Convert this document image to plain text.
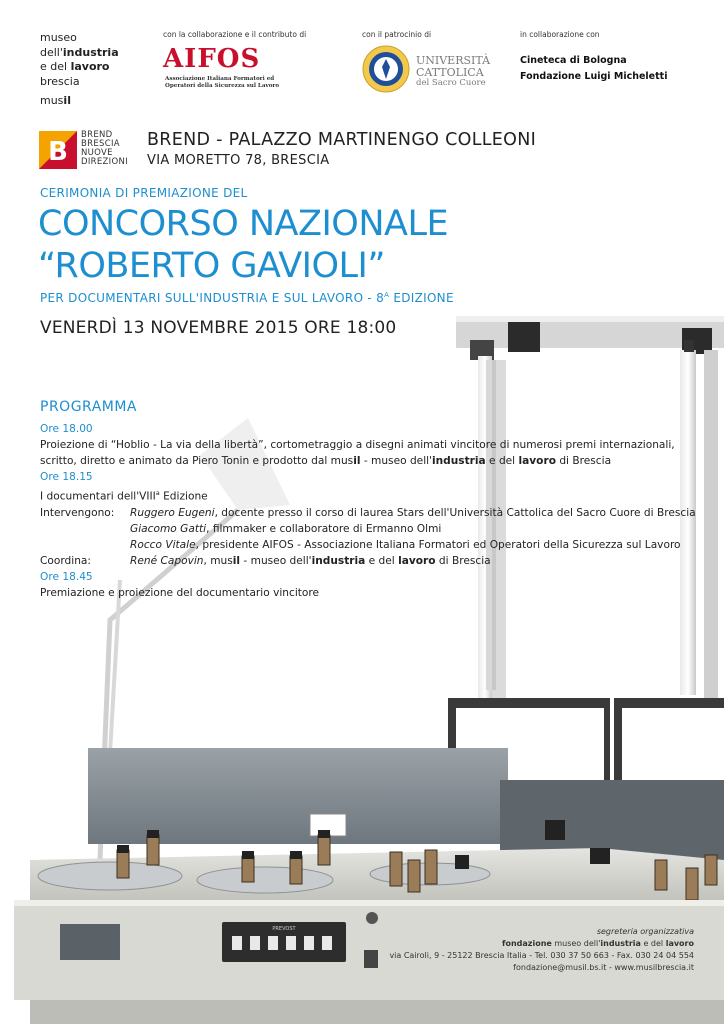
PREVOST
museo
dell'industria
e del lavoro
brescia
musil
con la collaborazione e il contributo di
AIFOS
Associazione Italiana Formatori ed
Operatori della Sicurezza sul Lavoro
con il patrocinio di
UNIVERSITÀ
CATTOLICA
del Sacro Cuore
in collaborazione con
Cineteca di Bologna
Fondazione Luigi Micheletti
B
BREND
BRESCIA
NUOVE
DIREZIONI
BREND - PALAZZO MARTINENGO COLLEONI
VIA MORETTO 78, BRESCIA
CERIMONIA DI PREMIAZIONE DEL
CONCORSO NAZIONALE
“ROBERTO GAVIOLI”
PER DOCUMENTARI SULL'INDUSTRIA E SUL LAVORO - $8^A$ EDIZIONE
VENERDÌ 13 NOVEMBRE 2015 ORE 18:00
PROGRAMMA
Ore 18.00
Proiezione di “Hoblio - La via della libertà”, cortometraggio a disegni animati vincitore di numerosi premi internazionali,
scritto, diretto e animato da Piero Tonin e prodotto dal musil - museo dell'industria e del lavoro di Brescia
Ore 18.15
I documentari dell'VIII$^a$ Edizione
Intervengono: Ruggero Eugeni, docente presso il corso di laurea Stars dell'Università Cattolica del Sacro Cuore di Brescia
Giacomo Gatti, filmmaker e collaboratore di Ermanno Olmi
Rocco Vitale, presidente AIFOS - Associazione Italiana Formatori ed Operatori della Sicurezza sul Lavoro
Coordina:	René Capovin, musil - museo dell'industria e del lavoro di Brescia
Ore 18.45
Premiazione e proiezione del documentario vincitore
segreteria organizzativa
fondazione museo dell'industria e del lavoro
via Cairoli, 9 - 25122 Brescia Italia - Tel. 030 37 50 663 - Fax. 030 24 04 554
fondazione@musil.bs.it - www.musilbrescia.it
